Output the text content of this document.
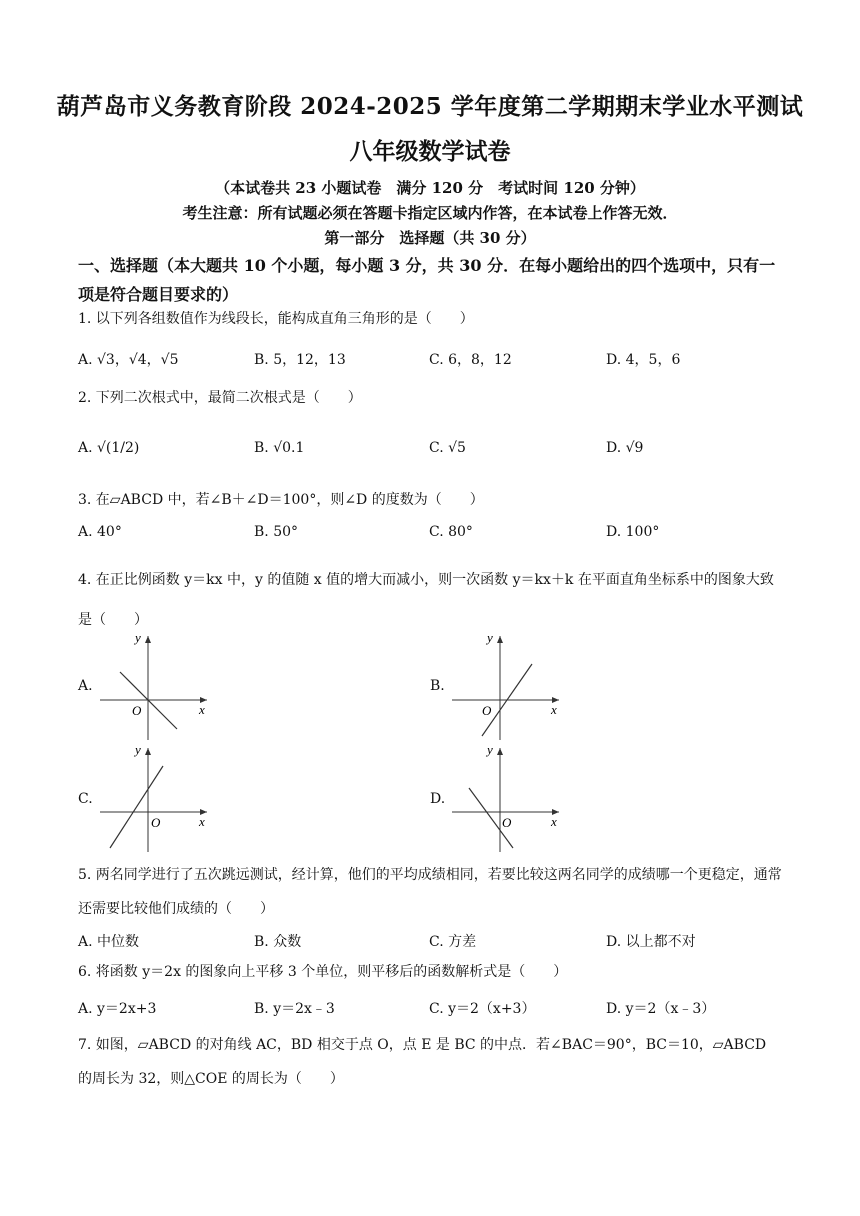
葫芦岛市义务教育阶段 2024-2025 学年度第二学期期末学业水平测试
八年级数学试卷
（本试卷共 23 小题试卷　满分 120 分　考试时间 120 分钟）
考生注意：所有试题必须在答题卡指定区域内作答，在本试卷上作答无效．
第一部分　选择题（共 30 分）
一、选择题（本大题共 10 个小题，每小题 3 分，共 30 分．在每小题给出的四个选项中，只有一项是符合题目要求的）
1. 以下列各组数值作为线段长，能构成直角三角形的是（　　）
A. √3，√4，√5	B. 5，12，13	C. 6，8，12	D. 4，5，6
2. 下列二次根式中，最简二次根式是（　　）
A. √(1/2)	B. √0.1	C. √5	D. √9
3. 在▱ABCD 中，若∠B＋∠D＝100°，则∠D 的度数为（　　）
A. 40°	B. 50°	C. 80°	D. 100°
4. 在正比例函数 y＝kx 中，y 的值随 x 值的增大而减小，则一次函数 y＝kx＋k 在平面直角坐标系中的图象大致是（　　）
A.	B.
C.	D.
y
x
O
y
x
O
y
x
O
y
x
O
5. 两名同学进行了五次跳远测试，经计算，他们的平均成绩相同，若要比较这两名同学的成绩哪一个更稳定，通常还需要比较他们成绩的（　　）
A. 中位数	B. 众数	C. 方差	D. 以上都不对
6. 将函数 y＝2x 的图象向上平移 3 个单位，则平移后的函数解析式是（　　）
A. y＝2x+3	B. y＝2x﹣3	C. y＝2（x+3）	D. y＝2（x﹣3）
7. 如图，▱ABCD 的对角线 AC，BD 相交于点 O，点 E 是 BC 的中点．若∠BAC＝90°，BC＝10，▱ABCD 的周长为 32，则△COE 的周长为（　　）
